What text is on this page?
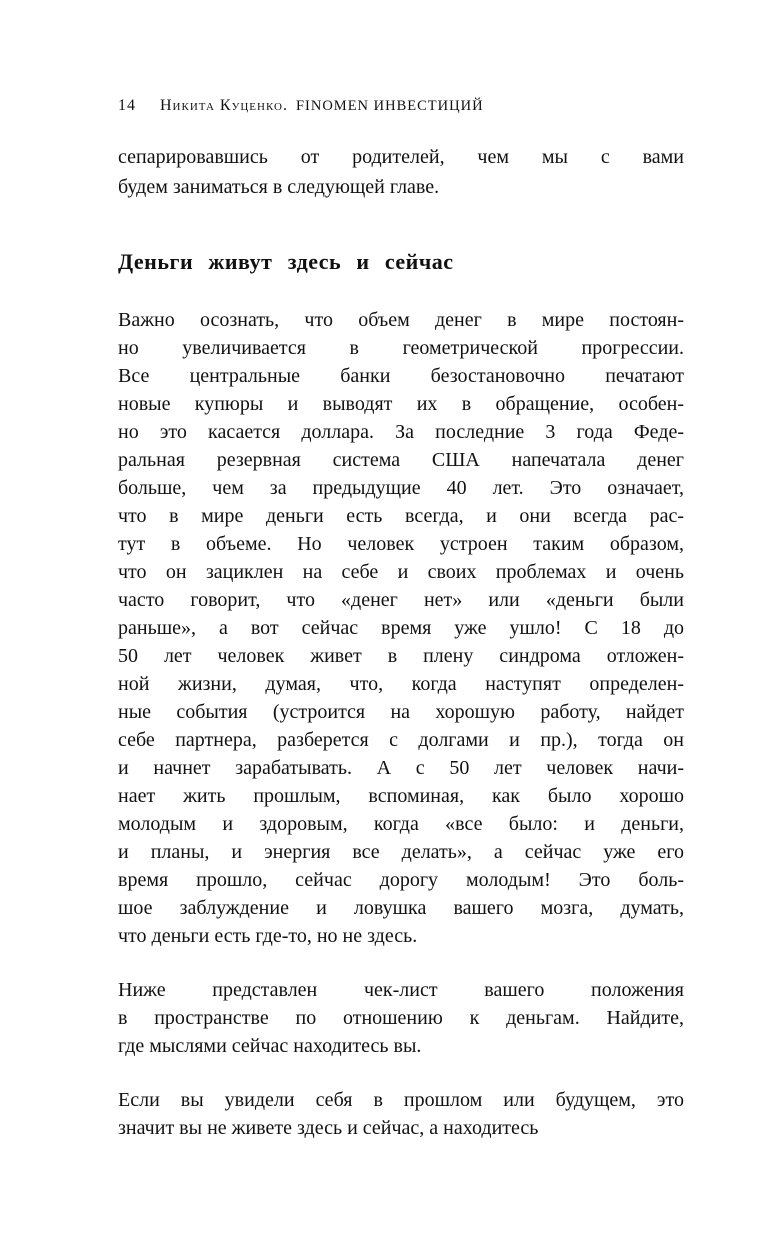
14 Никита Куценко. FINOMEN ИНВЕСТИЦИЙ
сепарировавшись от родителей, чем мы с вами
будем заниматься в следующей главе.
Деньги живут здесь и сейчас
Важно осознать, что объем денег в мире постоян-
но увеличивается в геометрической прогрессии.
Все центральные банки безостановочно печатают
новые купюры и выводят их в обращение, особен-
но это касается доллара. За последние 3 года Феде-
ральная резервная система США напечатала денег
больше, чем за предыдущие 40 лет. Это означает,
что в мире деньги есть всегда, и они всегда рас-
тут в объеме. Но человек устроен таким образом,
что он зациклен на себе и своих проблемах и очень
часто говорит, что «денег нет» или «деньги были
раньше», а вот сейчас время уже ушло! С 18 до
50 лет человек живет в плену синдрома отложен-
ной жизни, думая, что, когда наступят определен-
ные события (устроится на хорошую работу, найдет
себе партнера, разберется с долгами и пр.), тогда он
и начнет зарабатывать. А с 50 лет человек начи-
нает жить прошлым, вспоминая, как было хорошо
молодым и здоровым, когда «все было: и деньги,
и планы, и энергия все делать», а сейчас уже его
время прошло, сейчас дорогу молодым! Это боль-
шое заблуждение и ловушка вашего мозга, думать,
что деньги есть где-то, но не здесь.
Ниже представлен чек-лист вашего положения
в пространстве по отношению к деньгам. Найдите,
где мыслями сейчас находитесь вы.
Если вы увидели себя в прошлом или будущем, это
значит вы не живете здесь и сейчас, а находитесь
